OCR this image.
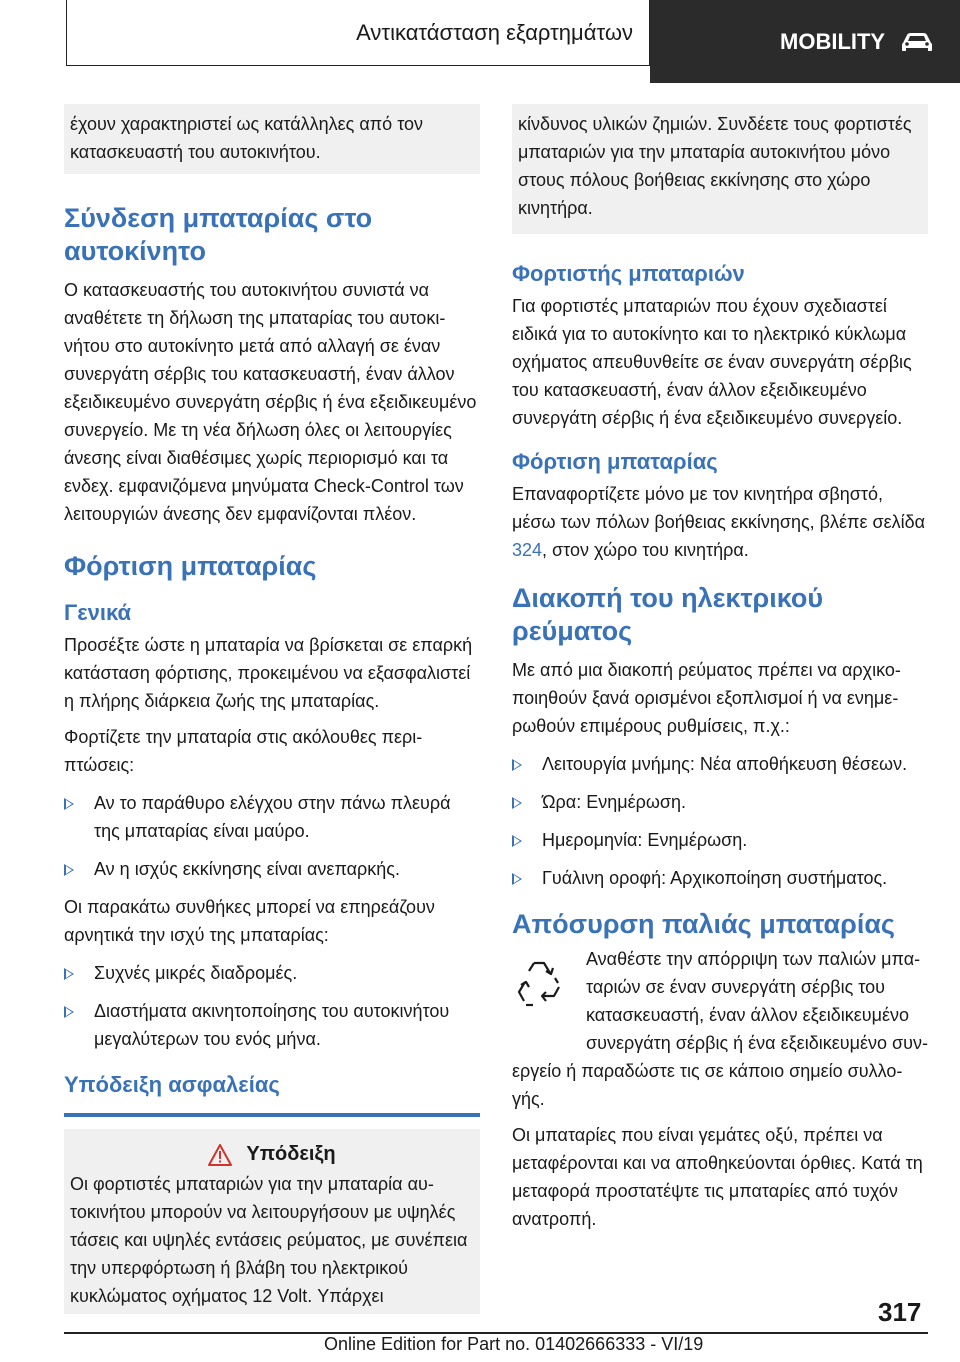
Αντικατάσταση εξαρτημάτων	MOBILITY

έχουν χαρακτηριστεί ως κατάλληλες από τον κατασκευαστή του αυτοκινήτου.

Σύνδεση μπαταρίας στο αυτοκίνητο

Ο κατασκευαστής του αυτοκινήτου συνιστά να αναθέτετε τη δήλωση της μπαταρίας του αυτοκινήτου στο αυτοκίνητο μετά από αλλαγή σε έναν συνεργάτη σέρβις του κατασκευαστή, έναν άλλον εξειδικευμένο συνεργάτη σέρβις ή ένα εξειδικευμένο συνεργείο. Με τη νέα δήλωση όλες οι λειτουργίες άνεσης είναι διαθέσιμες χωρίς περιορισμό και τα ενδεχ. εμφανιζόμενα μηνύματα Check-Control των λειτουργιών άνεσης δεν εμφανίζονται πλέον.

Φόρτιση μπαταρίας
Γενικά

Προσέξτε ώστε η μπαταρία να βρίσκεται σε επαρκή κατάσταση φόρτισης, προκειμένου να εξασφαλιστεί η πλήρης διάρκεια ζωής της μπαταρίας.

Φορτίζετε την μπαταρία στις ακόλουθες περιπτώσεις:

Αν το παράθυρο ελέγχου στην πάνω πλευρά της μπαταρίας είναι μαύρο.
Αν η ισχύς εκκίνησης είναι ανεπαρκής.

Οι παρακάτω συνθήκες μπορεί να επηρεάζουν αρνητικά την ισχύ της μπαταρίας:

Συχνές μικρές διαδρομές.
Διαστήματα ακινητοποίησης του αυτοκινήτου μεγαλύτερων του ενός μήνα.
Υπόδειξη ασφαλείας
Υπόδειξη

Οι φορτιστές μπαταριών για την μπαταρία αυτοκινήτου μπορούν να λειτουργήσουν με υψηλές τάσεις και υψηλές εντάσεις ρεύματος, με συνέπεια την υπερφόρτωση ή βλάβη του ηλεκτρικού κυκλώματος οχήματος 12 Volt. Υπάρχει

κίνδυνος υλικών ζημιών. Συνδέετε τους φορτιστές μπαταριών για την μπαταρία αυτοκινήτου μόνο στους πόλους βοήθειας εκκίνησης στο χώρο κινητήρα.

Φορτιστής μπαταριών

Για φορτιστές μπαταριών που έχουν σχεδιαστεί ειδικά για το αυτοκίνητο και το ηλεκτρικό κύκλωμα οχήματος απευθυνθείτε σε έναν συνεργάτη σέρβις του κατασκευαστή, έναν άλλον εξειδικευμένο συνεργάτη σέρβις ή ένα εξειδικευμένο συνεργείο.

Φόρτιση μπαταρίας

Επαναφορτίζετε μόνο με τον κινητήρα σβηστό, μέσω των πόλων βοήθειας εκκίνησης, βλέπε σελίδα 324, στον χώρο του κινητήρα.

Διακοπή του ηλεκτρικού ρεύματος

Με από μια διακοπή ρεύματος πρέπει να αρχικοποιηθούν ξανά ορισμένοι εξοπλισμοί ή να ενημερωθούν επιμέρους ρυθμίσεις, π.χ.:

Λειτουργία μνήμης: Νέα αποθήκευση θέσεων.
Ώρα: Ενημέρωση.
Ημερομηνία: Ενημέρωση.
Γυάλινη οροφή: Αρχικοποίηση συστήματος.
Απόσυρση παλιάς μπαταρίας

Αναθέστε την απόρριψη των παλιών μπαταριών σε έναν συνεργάτη σέρβις του κατασκευαστή, έναν άλλον εξειδικευμένο συνεργάτη σέρβις ή ένα εξειδικευμένο συνεργείο ή παραδώστε τις σε κάποιο σημείο συλλογής.

Οι μπαταρίες που είναι γεμάτες οξύ, πρέπει να μεταφέρονται και να αποθηκεύονται όρθιες. Κατά τη μεταφορά προστατέψτε τις μπαταρίες από τυχόν ανατροπή.

317
Online Edition for Part no. 01402666333 - VI/19
